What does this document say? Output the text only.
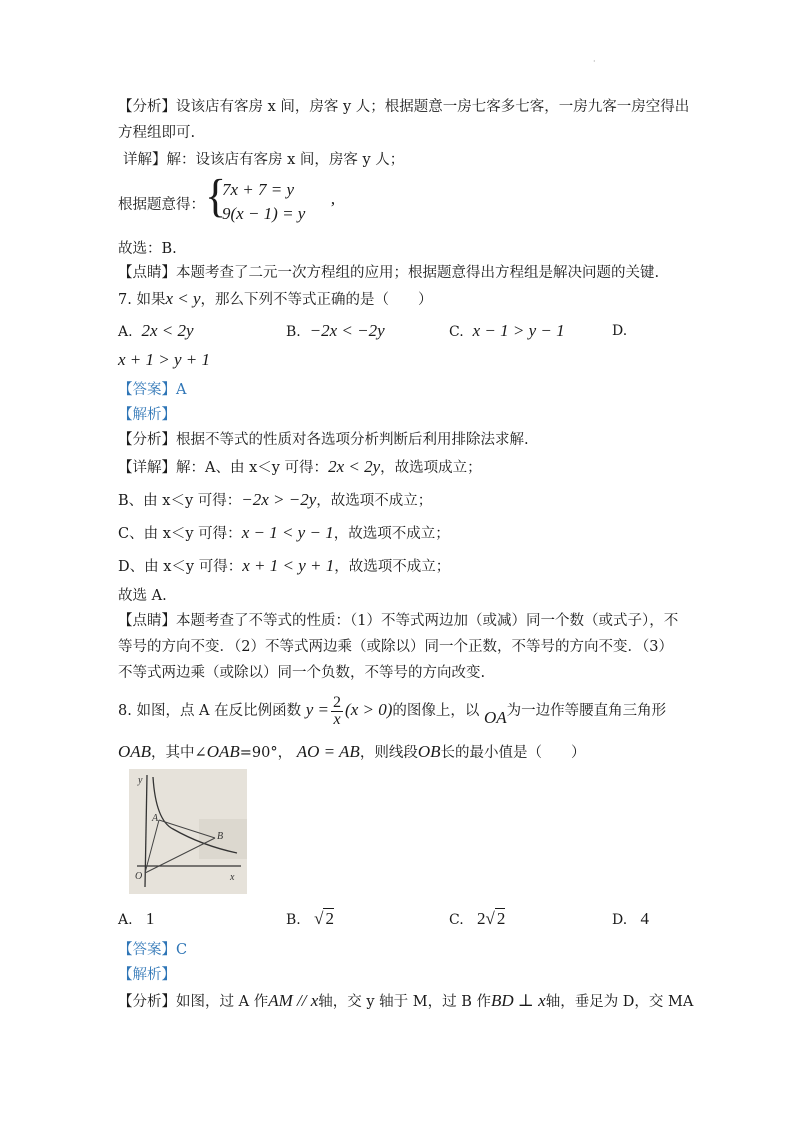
·
【分析】设该店有客房 x 间，房客 y 人；根据题意一房七客多七客，一房九客一房空得出
方程组即可.
详解】解：设该店有客房 x 间，房客 y 人；
根据题意得： {
7x + 7 = y
9(x − 1) = y ’
故选：B.
【点睛】本题考查了二元一次方程组的应用；根据题意得出方程组是解决问题的关键.
7. 如果x < y，那么下列不等式正确的是（　　）
A. 2x < 2y	B. −2x < −2y	C. x − 1 > y − 1	D.
x + 1 > y + 1
【答案】A
【解析】
【分析】根据不等式的性质对各选项分析判断后利用排除法求解.
【详解】解：A、由 x＜y 可得：2x < 2y，故选项成立；
B、由 x＜y 可得：−2x > −2y，故选项不成立；
C、由 x＜y 可得：x − 1 < y − 1，故选项不成立；
D、由 x＜y 可得：x + 1 < y + 1，故选项不成立；
故选 A.
【点睛】本题考查了不等式的性质：（1）不等式两边加（或减）同一个数（或式子），不
等号的方向不变．（2）不等式两边乘（或除以）同一个正数，不等号的方向不变．（3）
不等式两边乘（或除以）同一个负数，不等号的方向改变.
8. 如图，点 A 在反比例函数 $y = \frac{2}{x} (x > 0)$的图像上，以 OA为一边作等腰直角三角形
OAB，其中∠OAB=90°， AO = AB，则线段OB长的最小值是（　　）
y
A
B
O	x
A. 1	B. √ 2	C. 2√ 2	D. 4
【答案】C
【解析】
【分析】如图，过 A 作AM // x轴，交 y 轴于 M，过 B 作BD ⊥ x轴，垂足为 D，交 MA
